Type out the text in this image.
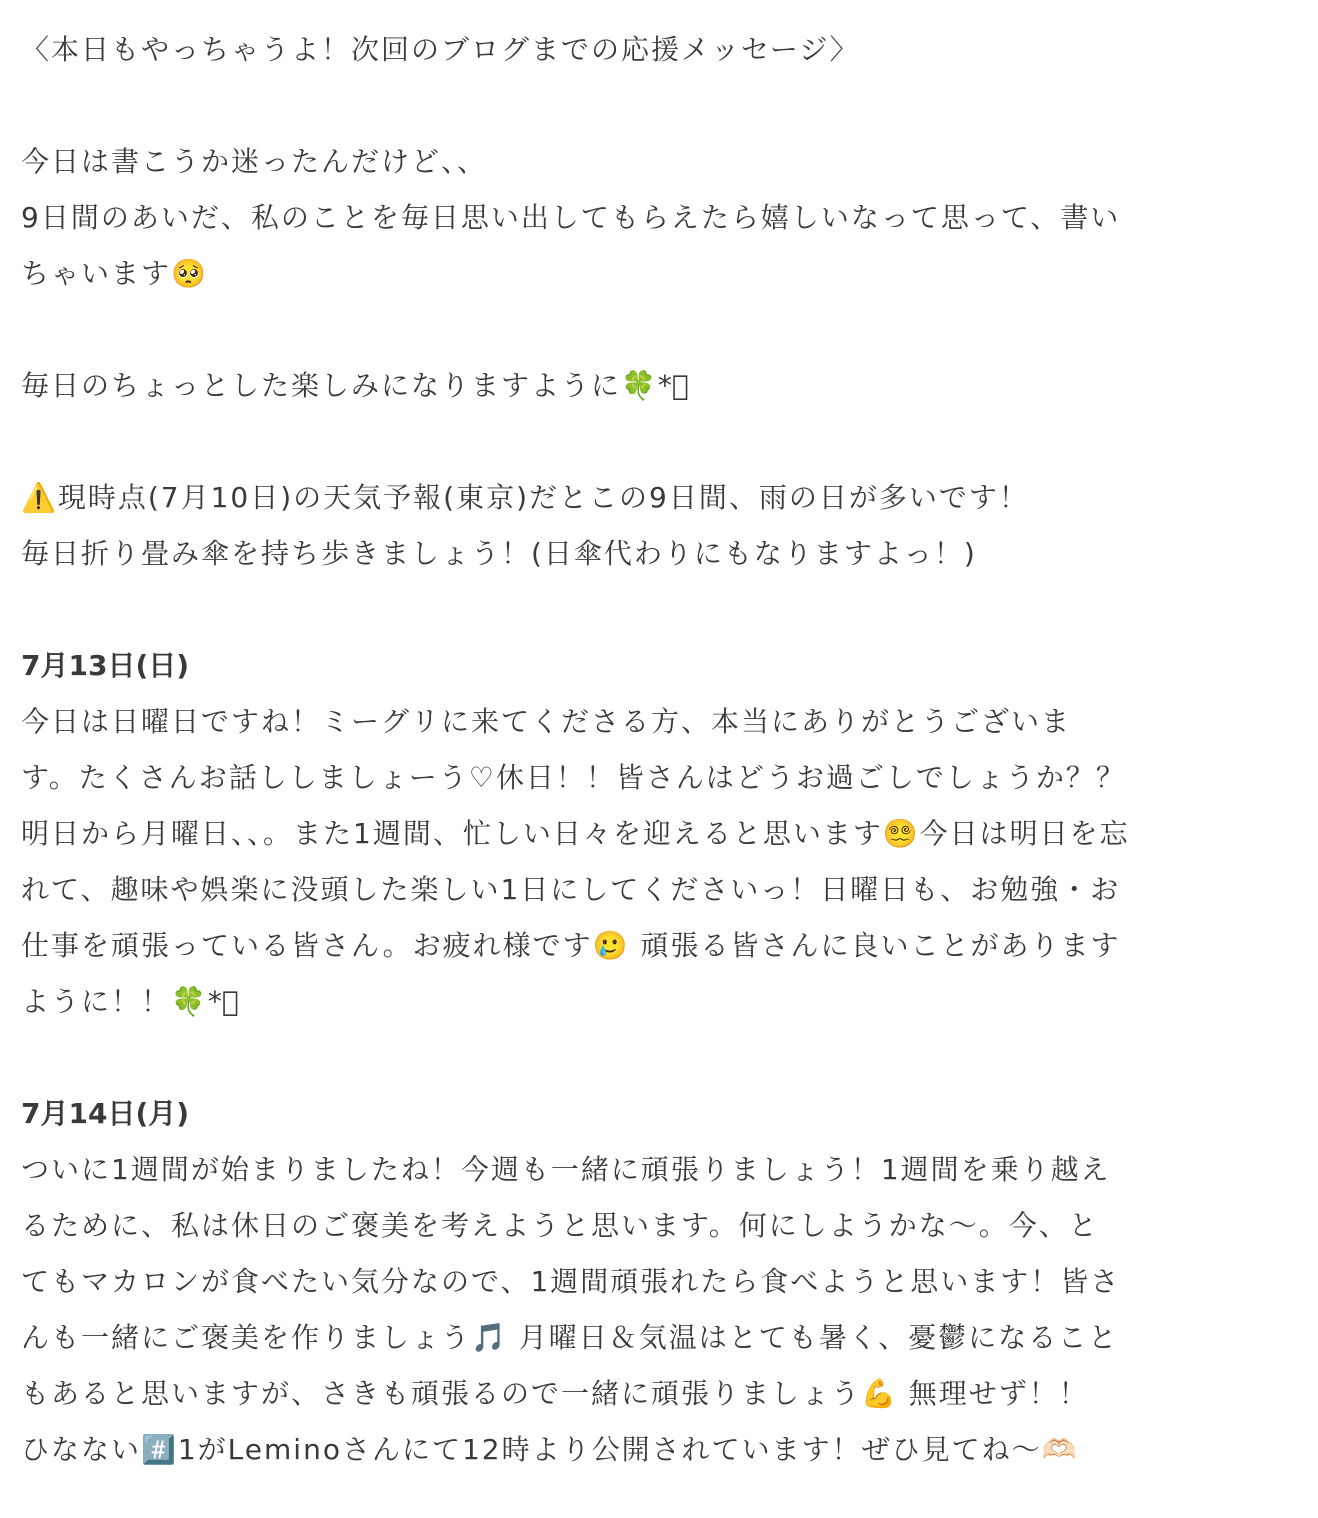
〈本日もやっちゃうよ！次回のブログまでの応援メッセージ〉
今日は書こうか迷ったんだけど、、
9日間のあいだ、私のことを毎日思い出してもらえたら嬉しいなって思って、書い
ちゃいます🥺
毎日のちょっとした楽しみになりますように🍀*ﾟ
⚠️現時点(7月10日)の天気予報(東京)だとこの9日間、雨の日が多いです！
毎日折り畳み傘を持ち歩きましょう！(日傘代わりにもなりますよっ！)
7月13日(日)
今日は日曜日ですね！ミーグリに来てくださる方、本当にありがとうございま
す。たくさんお話ししましょーう♡休日！！皆さんはどうお過ごしでしょうか？？
明日から月曜日、、。また1週間、忙しい日々を迎えると思います😵‍💫今日は明日を忘
れて、趣味や娯楽に没頭した楽しい1日にしてくださいっ！日曜日も、お勉強・お
仕事を頑張っている皆さん。お疲れ様です🥲 頑張る皆さんに良いことがあります
ように！！🍀*ﾟ
7月14日(月)
ついに1週間が始まりましたね！今週も一緒に頑張りましょう！1週間を乗り越え
るために、私は休日のご褒美を考えようと思います。何にしようかな〜。今、と
てもマカロンが食べたい気分なので、1週間頑張れたら食べようと思います！皆さ
んも一緒にご褒美を作りましょう🎵 月曜日＆気温はとても暑く、憂鬱になること
もあると思いますが、さきも頑張るので一緒に頑張りましょう💪 無理せず！！
ひなない#️⃣1がLeminoさんにて12時より公開されています！ぜひ見てね〜🫶🏻
